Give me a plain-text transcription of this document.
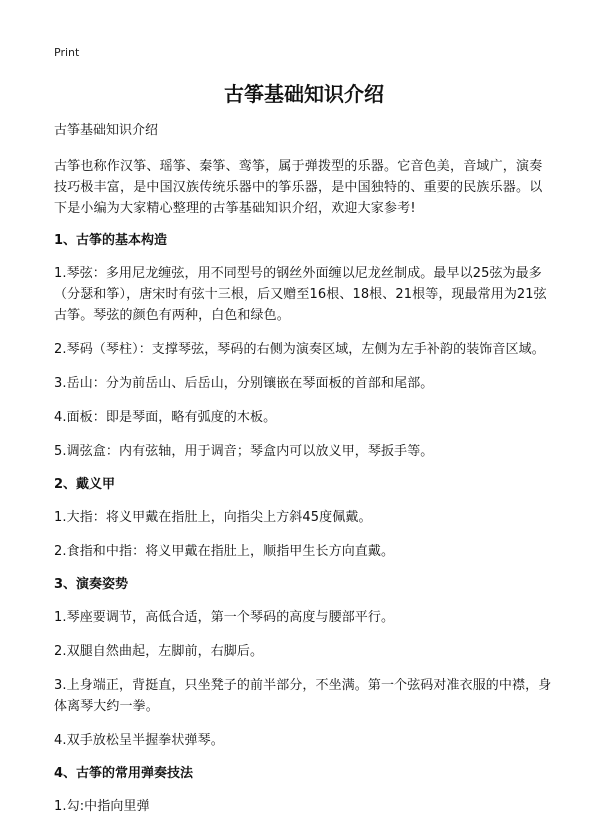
Print
古筝基础知识介绍
古筝基础知识介绍
古筝也称作汉筝、瑶筝、秦筝、鸾筝，属于弹拨型的乐器。它音色美，音域广，演奏技巧极丰富，是中国汉族传统乐器中的筝乐器，是中国独特的、重要的民族乐器。以下是小编为大家精心整理的古筝基础知识介绍，欢迎大家参考!
1、古筝的基本构造
1.琴弦：多用尼龙缠弦，用不同型号的钢丝外面缠以尼龙丝制成。最早以25弦为最多（分瑟和筝），唐宋时有弦十三根，后又赠至16根、18根、21根等，现最常用为21弦古筝。琴弦的颜色有两种，白色和绿色。
2.琴码（琴柱）：支撑琴弦，琴码的右侧为演奏区域，左侧为左手补韵的装饰音区域。
3.岳山：分为前岳山、后岳山，分别镶嵌在琴面板的首部和尾部。
4.面板：即是琴面，略有弧度的木板。
5.调弦盒：内有弦轴，用于调音；琴盒内可以放义甲，琴扳手等。
2、戴义甲
1.大指：将义甲戴在指肚上，向指尖上方斜45度佩戴。
2.食指和中指：将义甲戴在指肚上，顺指甲生长方向直戴。
3、演奏姿势
1.琴座要调节，高低合适，第一个琴码的高度与腰部平行。
2.双腿自然曲起，左脚前，右脚后。
3.上身端正，背挺直，只坐凳子的前半部分，不坐满。第一个弦码对准衣服的中襟，身体离琴大约一拳。
4.双手放松呈半握拳状弹琴。
4、古筝的常用弹奏技法
1.勾:中指向里弹
